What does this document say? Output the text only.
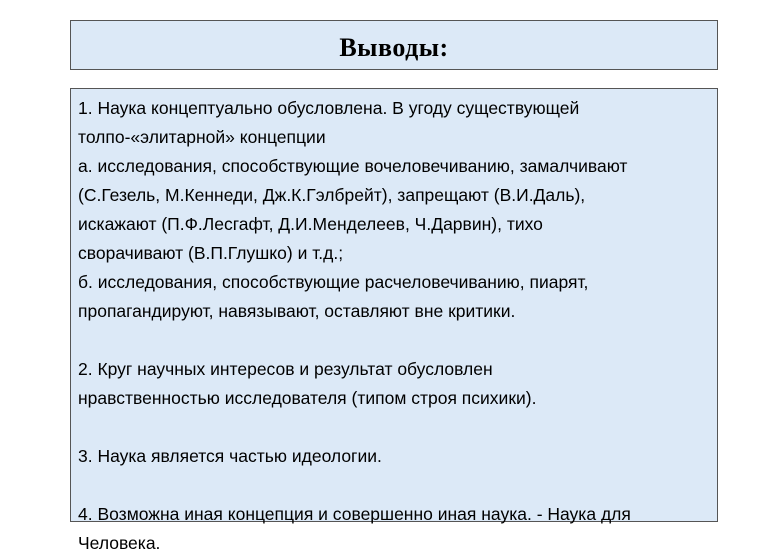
Выводы:
1. Наука концептуально обусловлена. В угоду существующей
толпо-«элитарной» концепции
а. исследования, способствующие вочеловечиванию, замалчивают
(С.Гезель, М.Кеннеди, Дж.К.Гэлбрейт), запрещают (В.И.Даль),
искажают (П.Ф.Лесгафт, Д.И.Менделеев, Ч.Дарвин), тихо
сворачивают (В.П.Глушко) и т.д.;
б. исследования, способствующие расчеловечиванию, пиарят,
пропагандируют, навязывают, оставляют вне критики.
2. Круг научных интересов и результат обусловлен
нравственностью исследователя (типом строя психики).
3. Наука является частью идеологии.
4. Возможна иная концепция и совершенно иная наука. - Наука для
Человека.
